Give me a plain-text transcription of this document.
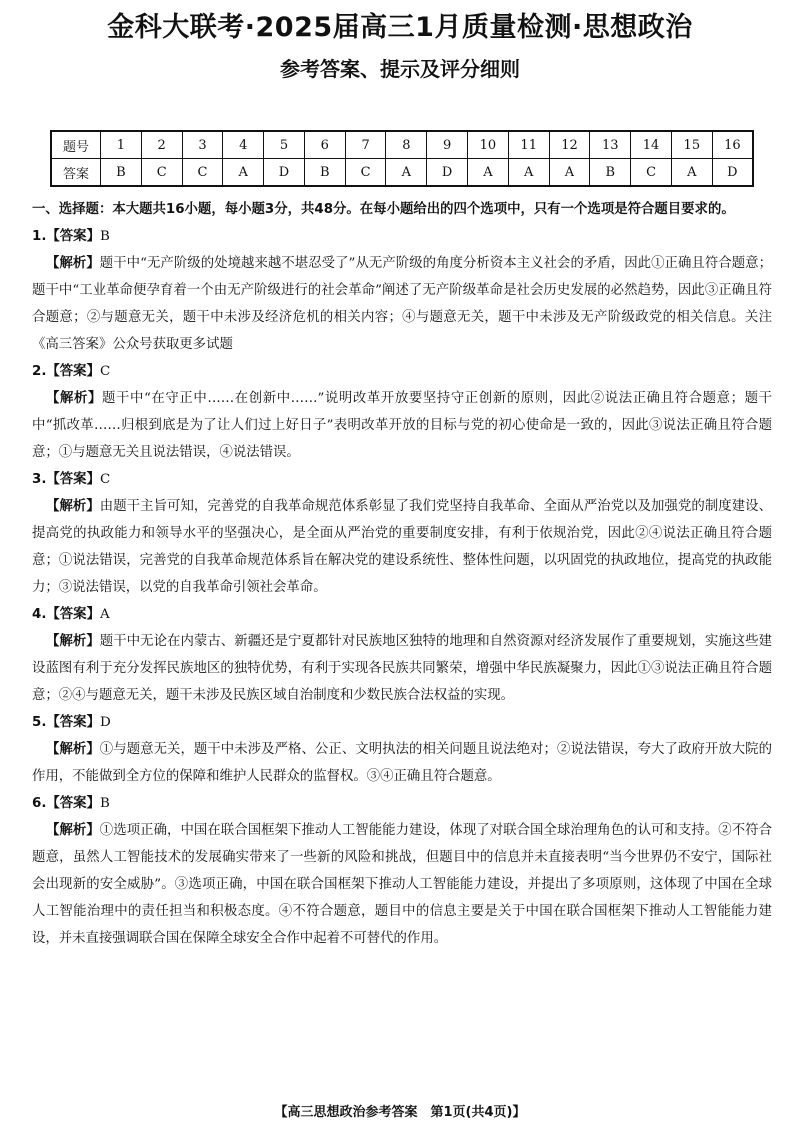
金科大联考·2025届高三1月质量检测·思想政治
参考答案、提示及评分细则
题号	1	2	3	4	5	6	7	8	9	10	11	12	13	14	15	16
答案	B	C	C	A	D	B	C	A	D	A	A	A	B	C	A	D

一、选择题：本大题共16小题，每小题3分，共48分。在每小题给出的四个选项中，只有一个选项是符合题目要求的。

1.【答案】B

【解析】题干中“无产阶级的处境越来越不堪忍受了”从无产阶级的角度分析资本主义社会的矛盾，因此①正确且符合题意；题干中“工业革命便孕育着一个由无产阶级进行的社会革命”阐述了无产阶级革命是社会历史发展的必然趋势，因此③正确且符合题意；②与题意无关，题干中未涉及经济危机的相关内容；④与题意无关，题干中未涉及无产阶级政党的相关信息。关注《高三答案》公众号获取更多试题

2.【答案】C

【解析】题干中“在守正中……在创新中……”说明改革开放要坚持守正创新的原则，因此②说法正确且符合题意；题干中“抓改革……归根到底是为了让人们过上好日子”表明改革开放的目标与党的初心使命是一致的，因此③说法正确且符合题意；①与题意无关且说法错误，④说法错误。

3.【答案】C

【解析】由题干主旨可知，完善党的自我革命规范体系彰显了我们党坚持自我革命、全面从严治党以及加强党的制度建设、提高党的执政能力和领导水平的坚强决心，是全面从严治党的重要制度安排，有利于依规治党，因此②④说法正确且符合题意；①说法错误，完善党的自我革命规范体系旨在解决党的建设系统性、整体性问题，以巩固党的执政地位，提高党的执政能力；③说法错误，以党的自我革命引领社会革命。

4.【答案】A

【解析】题干中无论在内蒙古、新疆还是宁夏都针对民族地区独特的地理和自然资源对经济发展作了重要规划，实施这些建设蓝图有利于充分发挥民族地区的独特优势，有利于实现各民族共同繁荣，增强中华民族凝聚力，因此①③说法正确且符合题意；②④与题意无关，题干未涉及民族区域自治制度和少数民族合法权益的实现。

5.【答案】D

【解析】①与题意无关，题干中未涉及严格、公正、文明执法的相关问题且说法绝对；②说法错误，夸大了政府开放大院的作用，不能做到全方位的保障和维护人民群众的监督权。③④正确且符合题意。

6.【答案】B

【解析】①选项正确，中国在联合国框架下推动人工智能能力建设，体现了对联合国全球治理角色的认可和支持。②不符合题意，虽然人工智能技术的发展确实带来了一些新的风险和挑战，但题目中的信息并未直接表明“当今世界仍不安宁，国际社会出现新的安全威胁”。③选项正确，中国在联合国框架下推动人工智能能力建设，并提出了多项原则，这体现了中国在全球人工智能治理中的责任担当和积极态度。④不符合题意，题目中的信息主要是关于中国在联合国框架下推动人工智能能力建设，并未直接强调联合国在保障全球安全合作中起着不可替代的作用。

【高三思想政治参考答案　第1页(共4页)】
